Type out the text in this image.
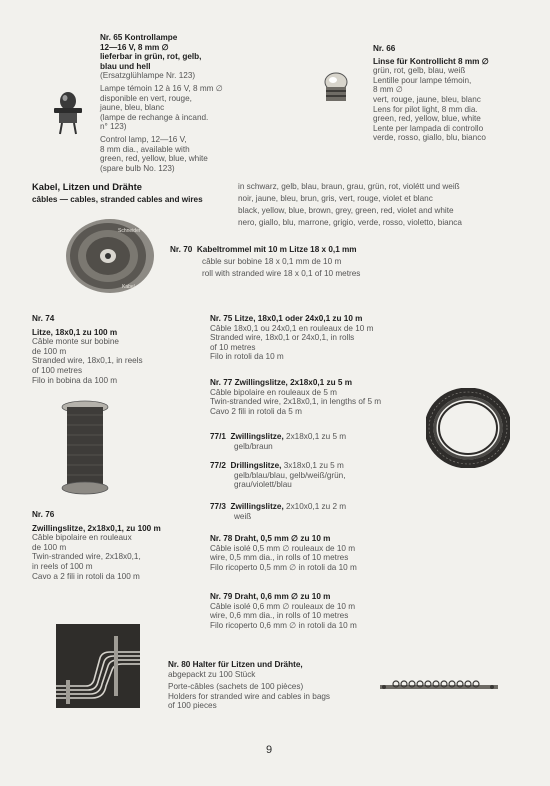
Nr. 65 Kontrollampe

12—16 V, 8 mm ∅

lieferbar in grün, rot, gelb,

blau und hell

(Ersatzglühlampe Nr. 123)

Lampe témoin 12 à 16 V, 8 mm ∅

disponible en vert, rouge,

jaune, bleu, blanc

(lampe de rechange à incand.

n° 123)

Control lamp, 12—16 V,

8 mm dia., available with

green, red, yellow, blue, white

(spare bulb No. 123)

Nr. 66

Linse für Kontrollicht 8 mm ∅

grün, rot, gelb, blau, weiß

Lentille pour lampe témoin,

8 mm ∅

vert, rouge, jaune, bleu, blanc

Lens for pilot light, 8 mm dia.

green, red, yellow, blue, white

Lente per lampada di controllo

verde, rosso, giallo, blu, bianco

Kabel, Litzen und Drähte

câbles — cables, stranded cables and wires

in schwarz, gelb, blau, braun, grau, grün, rot, violétt und weiß

noir, jaune, bleu, brun, gris, vert, rouge, violet et blanc

black, yellow, blue, brown, grey, green, red, violet and white

nero, giallo, blu, marrone, grigio, verde, rosso, violetto, bianca

Schneider
Kabel

Nr. 70 Kabeltrommel mit 10 m Litze 18 x 0,1 mm

câble sur bobine 18 x 0,1 mm de 10 m

roll with stranded wire 18 x 0,1 of 10 metres

Nr. 74

Litze, 18x0,1 zu 100 m

Câble monte sur bobine

de 100 m

Stranded wire, 18x0,1, in reels

of 100 metres

Filo in bobina da 100 m

Nr. 75 Litze, 18x0,1 oder 24x0,1 zu 10 m

Câble 18x0,1 ou 24x0,1 en rouleaux de 10 m

Stranded wire, 18x0,1 or 24x0,1, in rolls

of 10 metres

Filo in rotoli da 10 m

Nr. 77 Zwillingslitze, 2x18x0,1 zu 5 m

Câble bipolaire en rouleaux de 5 m

Twin-stranded wire, 2x18x0,1, in lengths of 5 m

Cavo 2 fili in rotoli da 5 m

77/1 Zwillingslitze, 2x18x0,1 zu 5 m

gelb/braun

77/2 Drillingslitze, 3x18x0,1 zu 5 m

gelb/blau/blau, gelb/weiß/grün,

grau/violett/blau

77/3 Zwillingslitze, 2x10x0,1 zu 2 m

weiß

Nr. 76

Zwillingslitze, 2x18x0,1, zu 100 m

Câble bipolaire en rouleaux

de 100 m

Twin-stranded wire, 2x18x0,1,

in reels of 100 m

Cavo a 2 fili in rotoli da 100 m

Nr. 78 Draht, 0,5 mm ∅ zu 10 m

Câble isolé 0,5 mm ∅ rouleaux de 10 m

wire, 0,5 mm dia., in rolls of 10 metres

Filo ricoperto 0,5 mm ∅ in rotoli da 10 m

Nr. 79 Draht, 0,6 mm ∅ zu 10 m

Câble isolé 0,6 mm ∅ rouleaux de 10 m

wire, 0,6 mm dia., in rolls of 10 metres

Filo ricoperto 0,6 mm ∅ in rotoli da 10 m

Nr. 80 Halter für Litzen und Drähte,

abgepackt zu 100 Stück

Porte-câbles (sachets de 100 pièces)

Holders for stranded wire and cables in bags

of 100 pieces

9
